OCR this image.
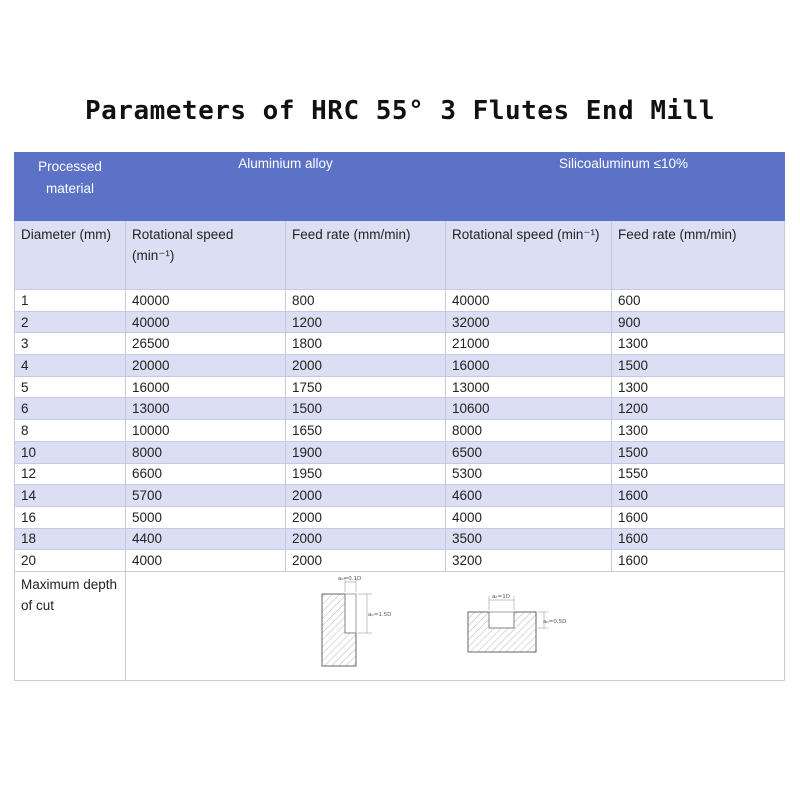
Parameters of HRC 55° 3 Flutes End Mill
Processed material	Aluminium alloy		Silicoaluminum ≤10%	
Diameter (mm)	Rotational speed (min⁻¹)	Feed rate (mm/min)	Rotational speed (min⁻¹)	Feed rate (mm/min)
1	40000	800	40000	600
2	40000	1200	32000	900
3	26500	1800	21000	1300
4	20000	2000	16000	1500
5	16000	1750	13000	1300
6	13000	1500	10600	1200
8	10000	1650	8000	1300
10	8000	1900	6500	1500
12	6600	1950	5300	1550
14	5700	2000	4600	1600
16	5000	2000	4000	1600
18	4400	2000	3500	1600
20	4000	2000	3200	1600
Maximum depth of cut	aₑ=0.1D
aₚ=1.5D
aₑ=1D
aₚ=0.5D			
